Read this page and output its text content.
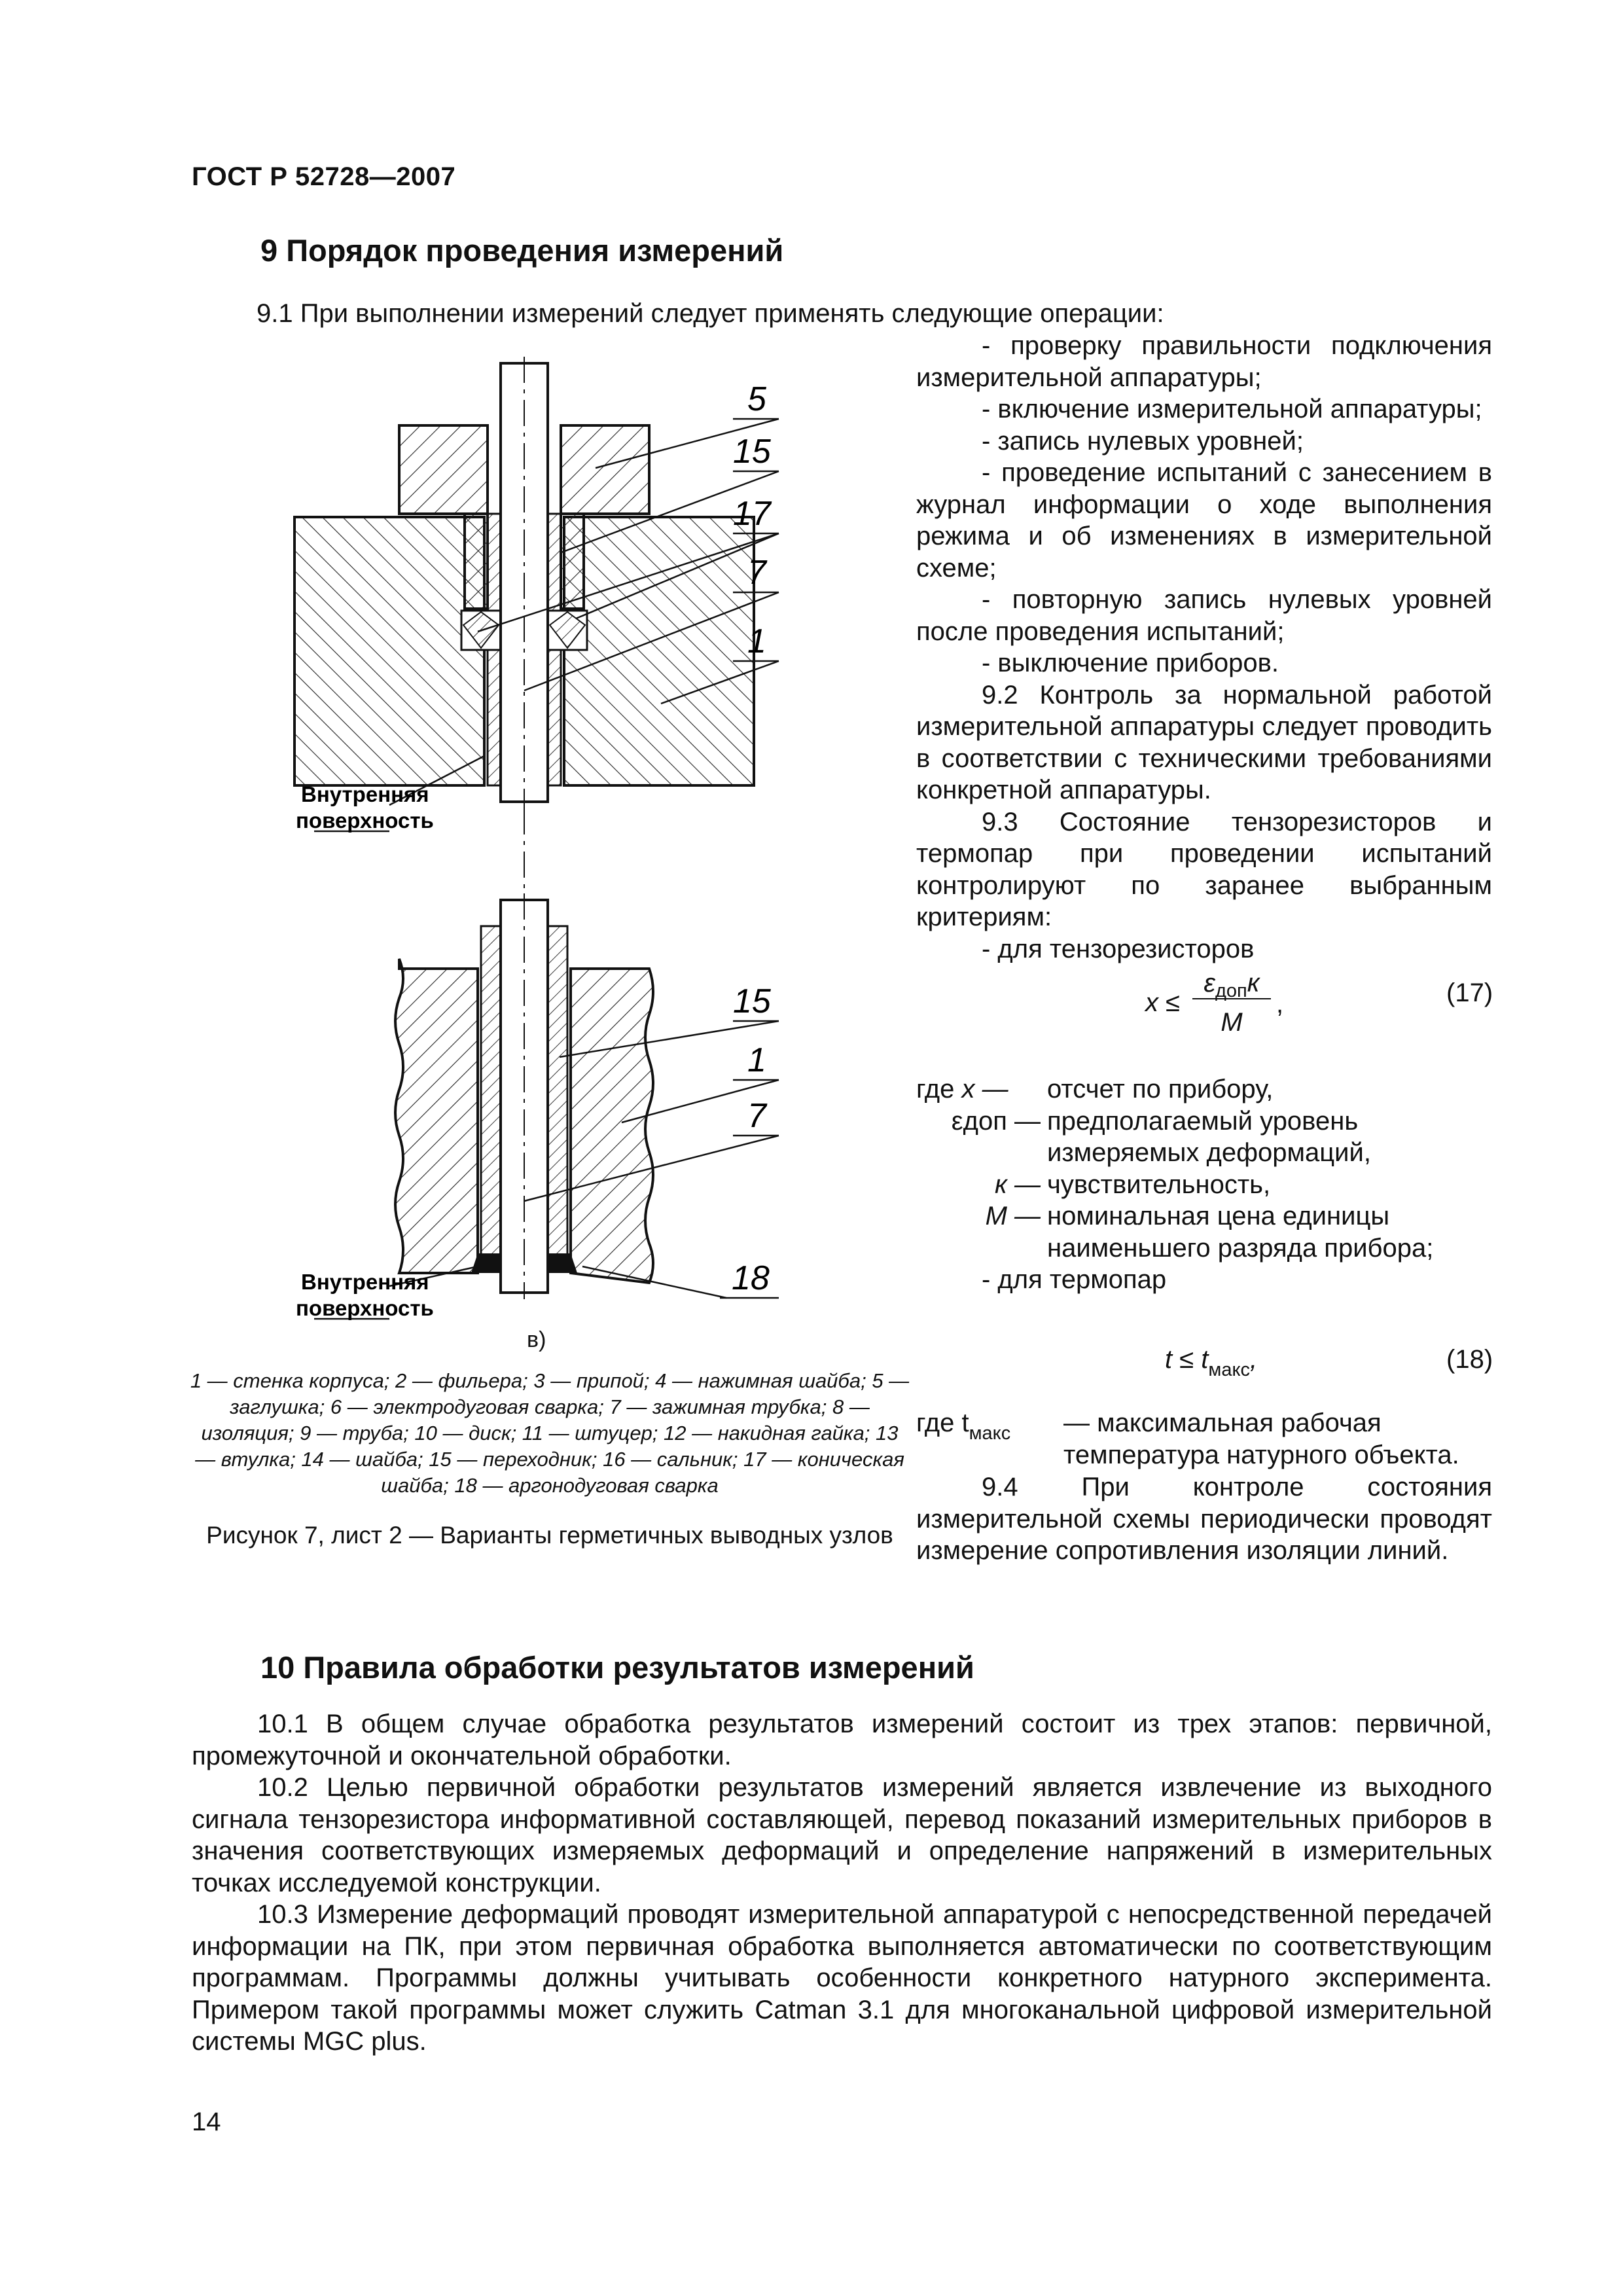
ГОСТ Р 52728—2007
9 Порядок проведения измерений
9.1 При выполнении измерений следует применять следующие операции:
5
15
17
7
1
Внутренняя
поверхность
15
1
7
18
Внутренняя
поверхность
в)
1 — стенка корпуса; 2 — фильера; 3 — припой; 4 — нажимная шайба; 5 — заглушка; 6 — электродуговая сварка; 7 — зажимная трубка; 8 — изоляция; 9 — труба; 10 — диск; 11 — штуцер; 12 — накидная гайка; 13 — втулка; 14 — шайба; 15 — переходник; 16 — сальник; 17 — коническая шайба; 18 — аргонодуговая сварка
Рисунок 7, лист 2 — Варианты герметичных выводных узлов

- проверку правильности подключения измерительной аппаратуры;

- включение измерительной аппаратуры;

- запись нулевых уровней;

- проведение испытаний с занесением в журнал информации о ходе выполнения режима и об изменениях в измерительной схеме;

- повторную запись нулевых уровней после проведения испытаний;

- выключение приборов.

9.2 Контроль за нормальной работой измерительной аппаратуры следует проводить в соответствии с техническими требованиями конкретной аппаратуры.

9.3 Состояние тензорезисторов и термопар при проведении испытаний контролируют по заранее выбранным критериям:

- для тензорезисторов

x ≤
$\varepsilon_{доп}к$
M
,	(17)
где x —	отсчет по прибору,
εдоп — предполагаемый уровень измеряемых деформаций,
к — чувствительность,
M — номинальная цена единицы наименьшего разряда прибора;
- для термопар
$t \le t_{макс}$,	(18)
где $t_{макс}$	— максимальная рабочая температура натурного объекта.
9.4 При контроле состояния измерительной схемы периодически проводят измерение сопротивления изоляции линий.
10 Правила обработки результатов измерений
10.1 В общем случае обработка результатов измерений состоит из трех этапов: первичной, промежуточной и окончательной обработки.
10.2 Целью первичной обработки результатов измерений является извлечение из выходного сигнала тензорезистора информативной составляющей, перевод показаний измерительных приборов в значения соответствующих измеряемых деформаций и определение напряжений в измерительных точках исследуемой конструкции.
10.3 Измерение деформаций проводят измерительной аппаратурой с непосредственной передачей информации на ПК, при этом первичная обработка выполняется автоматически по соответствующим программам. Программы должны учитывать особенности конкретного натурного эксперимента. Примером такой программы может служить Catman 3.1 для многоканальной цифровой измерительной системы MGC plus.
14
